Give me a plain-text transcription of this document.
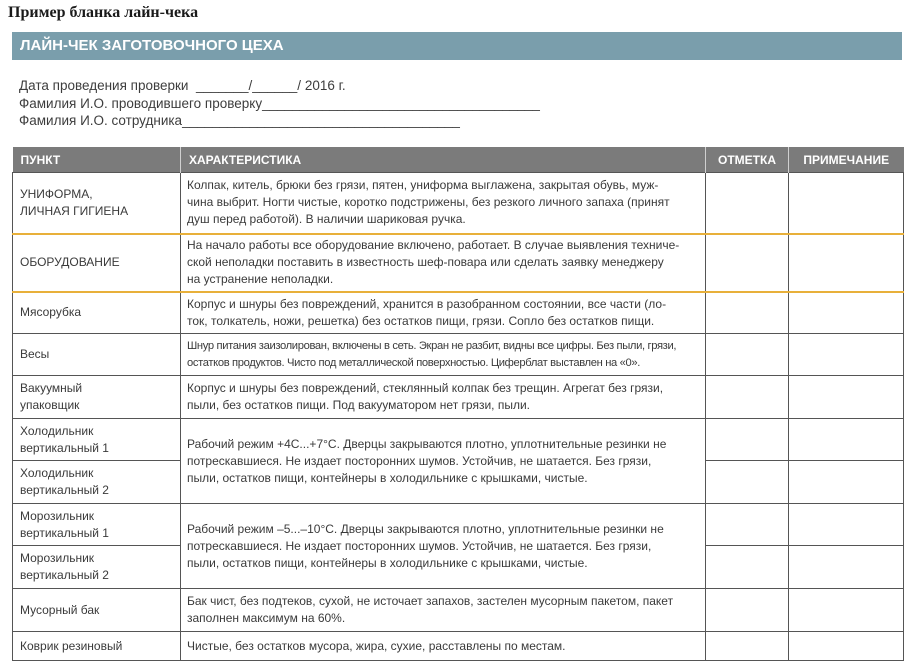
Пример бланка лайн-чека
ЛАЙН-ЧЕК ЗАГОТОВОЧНОГО ЦЕХА
Дата проведения проверки  _______/______/ 2016 г.
Фамилия И.О. проводившего проверку_____________________________________
Фамилия И.О. сотрудника_____________________________________
ПУНКТ	ХАРАКТЕРИСТИКА	ОТМЕТКА	ПРИМЕЧАНИЕ
УНИФОРМА,
ЛИЧНАЯ ГИГИЕНА	Колпак, китель, брюки без грязи, пятен, униформа выглажена, закрытая обувь, муж-
чина выбрит. Ногти чистые, коротко подстрижены, без резкого личного запаха (принят
душ перед работой). В наличии шариковая ручка.		
ОБОРУДОВАНИЕ	На начало работы все оборудование включено, работает. В случае выявления техниче-
ской неполадки поставить в известность шеф-повара или сделать заявку менеджеру
на устранение неполадки.		
Мясорубка	Корпус и шнуры без повреждений, хранится в разобранном состоянии, все части (ло-
ток, толкатель, ножи, решетка) без остатков пищи, грязи. Сопло без остатков пищи.		
Весы	Шнур питания заизолирован, включены в сеть. Экран не разбит, видны все цифры. Без пыли, грязи,
остатков продуктов. Чисто под металлической поверхностью. Циферблат выставлен на «0».		
Вакуумный
упаковщик	Корпус и шнуры без повреждений, стеклянный колпак без трещин. Агрегат без грязи,
пыли, без остатков пищи. Под вакууматором нет грязи, пыли.		
Холодильник
вертикальный 1	Рабочий режим +4С...+7°С. Дверцы закрываются плотно, уплотнительные резинки не
потрескавшиеся. Не издает посторонних шумов. Устойчив, не шатается. Без грязи,
пыли, остатков пищи, контейнеры в холодильнике с крышками, чистые.		
Холодильник
вертикальный 2			
Морозильник
вертикальный 1	Рабочий режим –5...–10°С. Дверцы закрываются плотно, уплотнительные резинки не
потрескавшиеся. Не издает посторонних шумов. Устойчив, не шатается. Без грязи,
пыли, остатков пищи, контейнеры в холодильнике с крышками, чистые.		
Морозильник
вертикальный 2			
Мусорный бак	Бак чист, без подтеков, сухой, не источает запахов, застелен мусорным пакетом, пакет
заполнен максимум на 60%.		
Коврик резиновый	Чистые, без остатков мусора, жира, сухие, расставлены по местам.		
